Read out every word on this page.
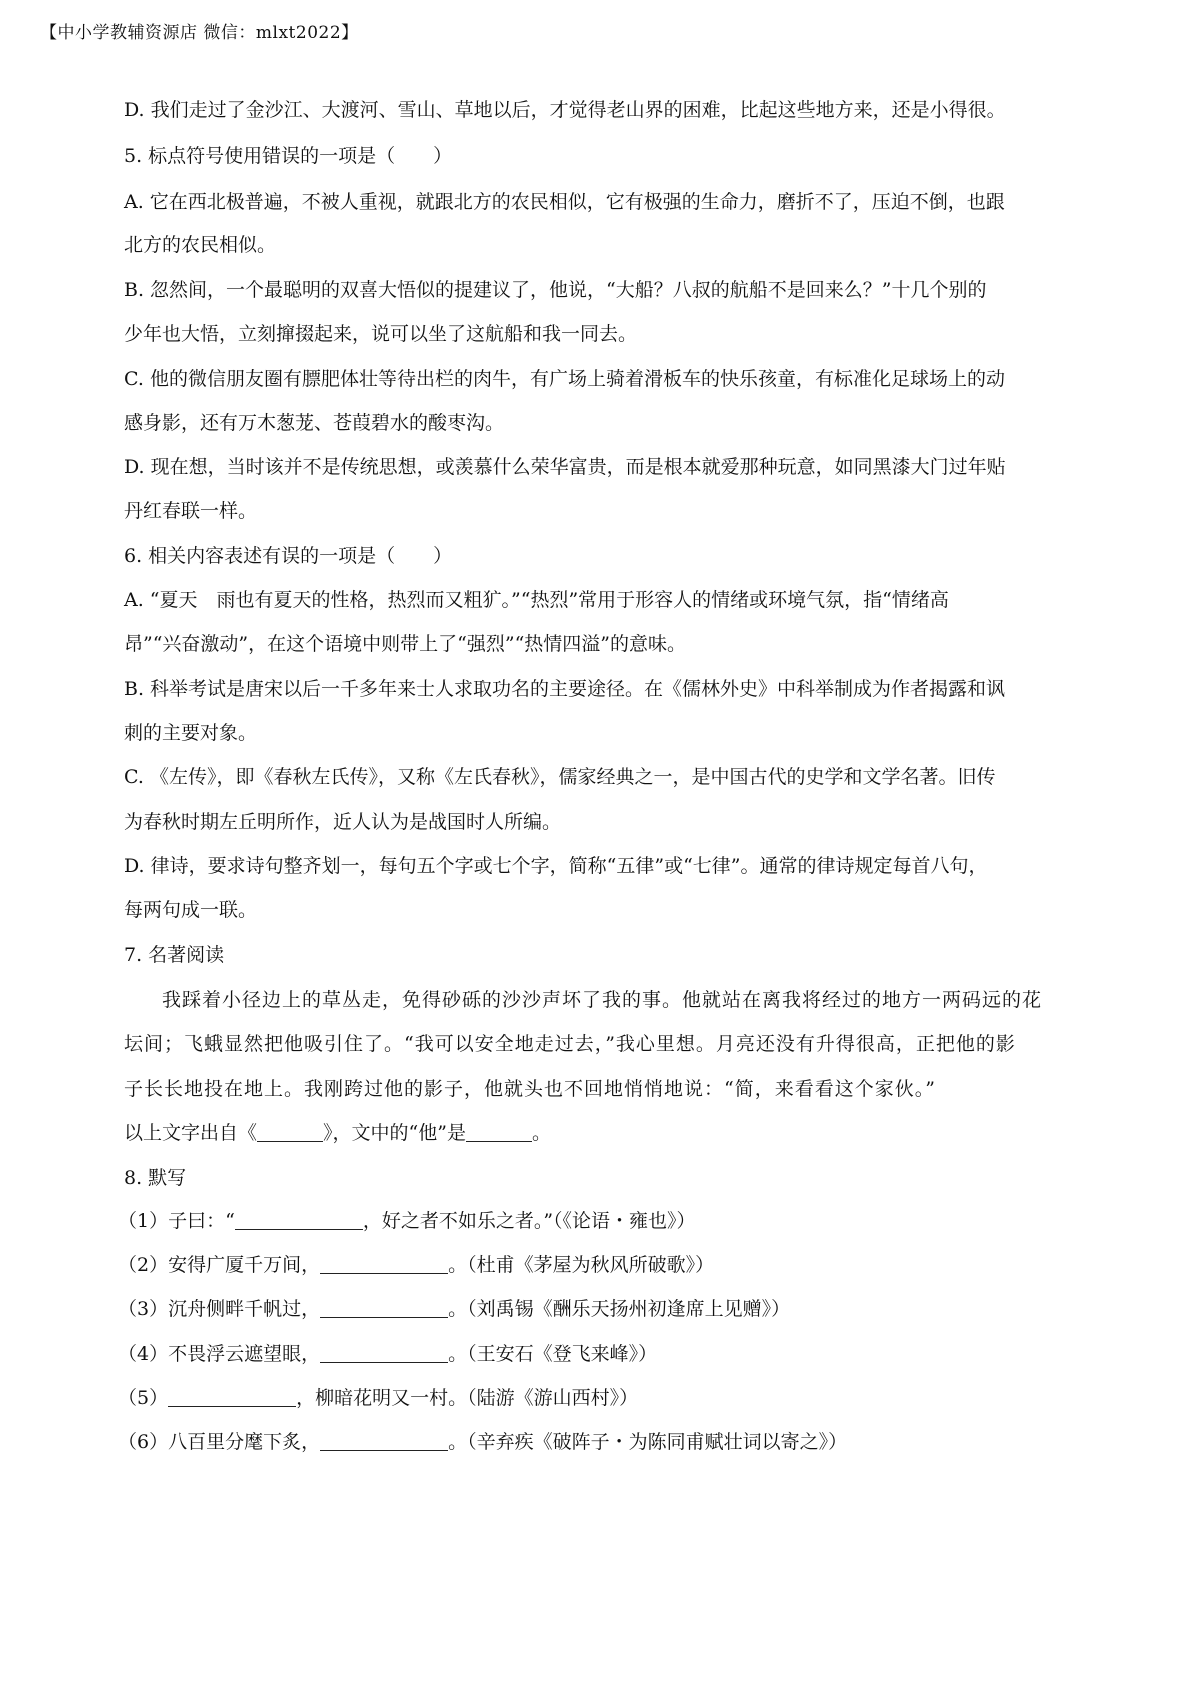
【中小学教辅资源店 微信：mlxt2022】

D. 我们走过了金沙江、大渡河、雪山、草地以后，才觉得老山界的困难，比起这些地方来，还是小得很。

5. 标点符号使用错误的一项是（　　）

A. 它在西北极普遍，不被人重视，就跟北方的农民相似，它有极强的生命力，磨折不了，压迫不倒，也跟

北方的农民相似。

B. 忽然间，一个最聪明的双喜大悟似的提建议了，他说，“大船？八叔的航船不是回来么？”十几个别的

少年也大悟，立刻撺掇起来，说可以坐了这航船和我一同去。

C. 他的微信朋友圈有膘肥体壮等待出栏的肉牛，有广场上骑着滑板车的快乐孩童，有标准化足球场上的动

感身影，还有万木葱茏、苍葭碧水的酸枣沟。

D. 现在想，当时该并不是传统思想，或羡慕什么荣华富贵，而是根本就爱那种玩意，如同黑漆大门过年贴

丹红春联一样。

6. 相关内容表述有误的一项是（　　）

A. “夏天　雨也有夏天的性格，热烈而又粗犷。”“热烈”常用于形容人的情绪或环境气氛，指“情绪高

昂”“兴奋激动”，在这个语境中则带上了“强烈”“热情四溢”的意味。

B. 科举考试是唐宋以后一千多年来士人求取功名的主要途径。在《儒林外史》中科举制成为作者揭露和讽

刺的主要对象。

C. 《左传》，即《春秋左氏传》，又称《左氏春秋》，儒家经典之一，是中国古代的史学和文学名著。旧传

为春秋时期左丘明所作，近人认为是战国时人所编。

D. 律诗，要求诗句整齐划一，每句五个字或七个字，简称“五律”或“七律”。通常的律诗规定每首八句，

每两句成一联。

7. 名著阅读

我踩着小径边上的草丛走，免得砂砾的沙沙声坏了我的事。他就站在离我将经过的地方一两码远的花

坛间；飞蛾显然把他吸引住了。“我可以安全地走过去，”我心里想。月亮还没有升得很高，正把他的影

子长长地投在地上。我刚跨过他的影子，他就头也不回地悄悄地说：“简，来看看这个家伙。”

以上文字出自《	》，文中的“他”是	。

8. 默写

（1）子曰：“	，好之者不如乐之者。”（《论语・雍也》）

（2）安得广厦千万间，	。（杜甫《茅屋为秋风所破歌》）

（3）沉舟侧畔千帆过，	。（刘禹锡《酬乐天扬州初逢席上见赠》）

（4）不畏浮云遮望眼，	。（王安石《登飞来峰》）

（5）	，柳暗花明又一村。（陆游《游山西村》）

（6）八百里分麾下炙，	。（辛弃疾《破阵子・为陈同甫赋壮词以寄之》）
